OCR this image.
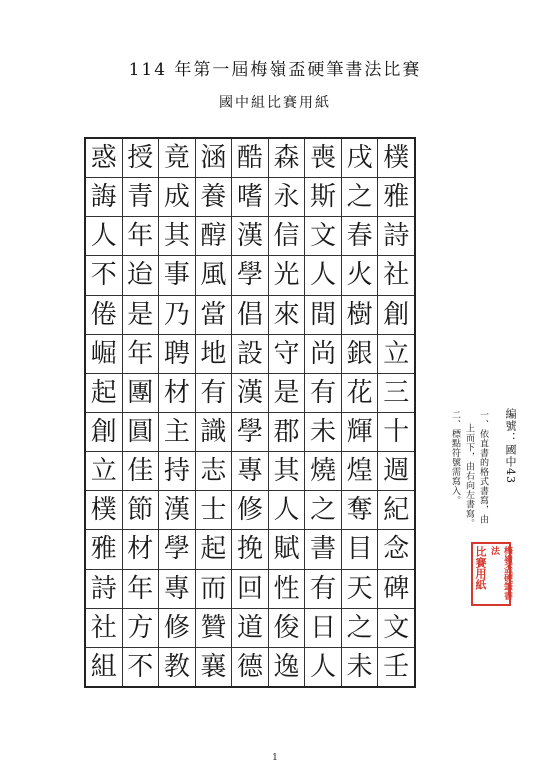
114 年第一屆梅嶺盃硬筆書法比賽
國中組比賽用紙
樸
雅
詩
社
創
立
三
十
週
紀
念
碑
文
壬
戌
之
春
火
樹
銀
花
輝
煌
奪
目
天
之
未
喪
斯
文
人
間
尚
有
未
燒
之
書
有
日
人
森
永
信
光
來
守
是
郡
其
人
賦
性
俊
逸
酷
嗜
漢
學
倡
設
漢
學
專
修
挽
回
道
德
涵
養
醇
風
當
地
有
識
志
士
起
而
贊
襄
竟
成
其
事
乃
聘
材
主
持
漢
學
專
修
教
授
青
年
迨
是
年
團
圓
佳
節
材
年
方
不
惑
誨
人
不
倦
崛
起
創
立
樸
雅
詩
社
組
編號：國中43
一、依直書的格式書寫，由
上而下，由右向左書寫。
二、標點符號需寫入。
梅嶺盃硬筆書法
比賽用紙
1
